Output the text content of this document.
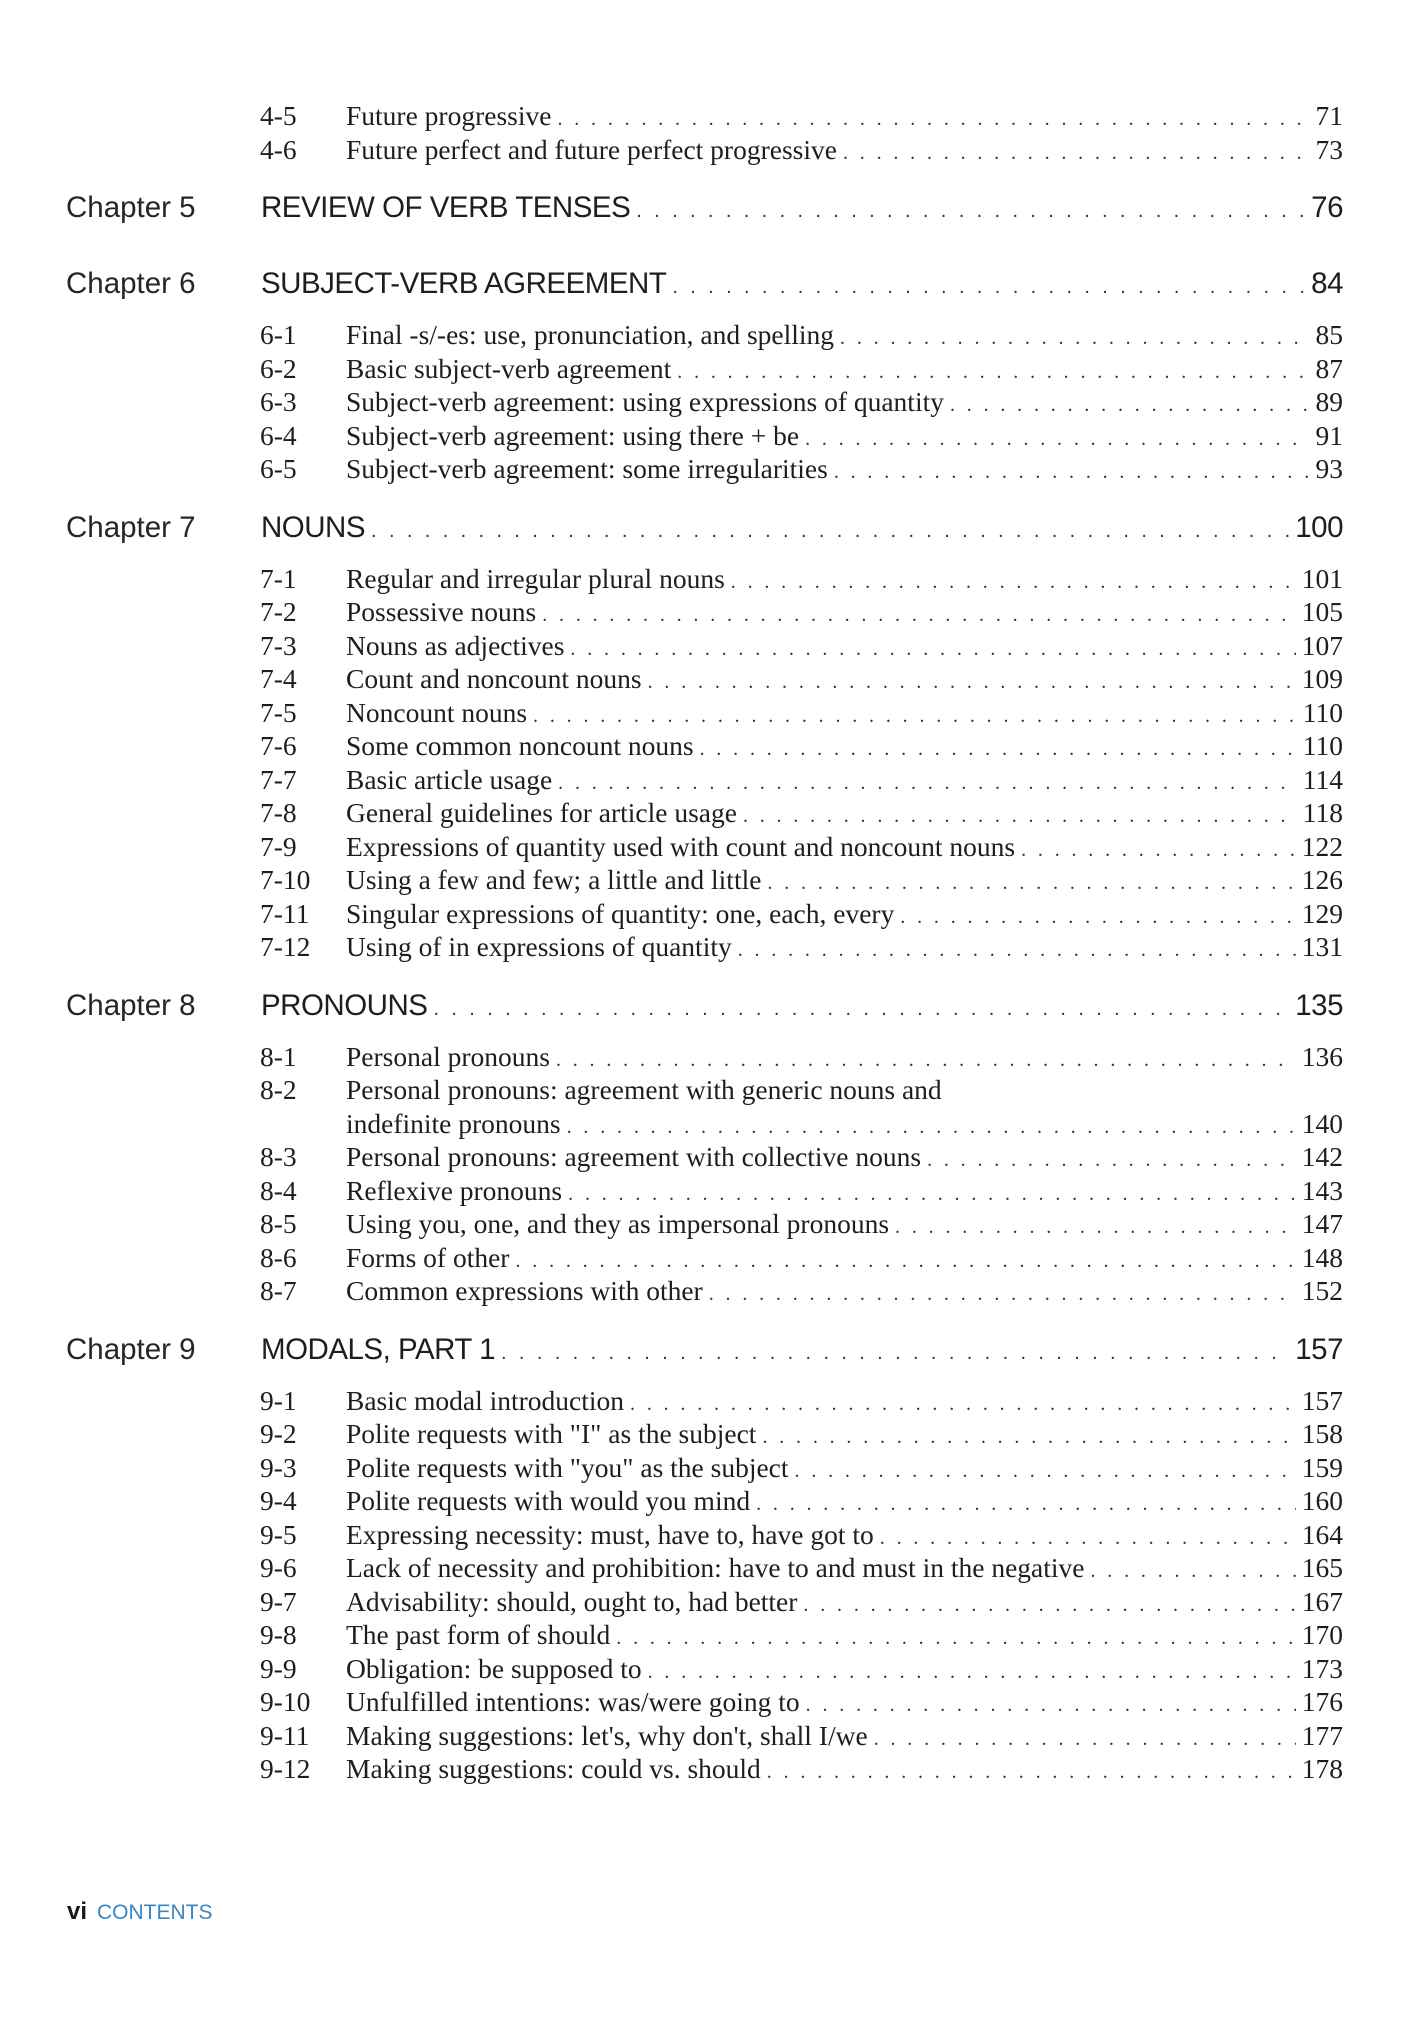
4-5 Future progressive . . .	71
4-6 Future perfect and future perfect progressive . . .	73
Chapter 5 REVIEW OF VERB TENSES . . .	76
Chapter 6 SUBJECT-VERB AGREEMENT . . .	84
6-1 Final -s/-es: use, pronunciation, and spelling . . .	85
6-2 Basic subject-verb agreement . . .	87
6-3 Subject-verb agreement: using expressions of quantity . . .	89
6-4 Subject-verb agreement: using there + be . . .	91
6-5 Subject-verb agreement: some irregularities . . .	93
Chapter 7 NOUNS . . .	100
7-1 Regular and irregular plural nouns . . .	101
7-2 Possessive nouns . . .	105
7-3 Nouns as adjectives . . .	107
7-4 Count and noncount nouns . . .	109
7-5 Noncount nouns . . .	110
7-6 Some common noncount nouns . . .	110
7-7 Basic article usage . . .	114
7-8 General guidelines for article usage . . .	118
7-9 Expressions of quantity used with count and noncount nouns . . .	122
7-10 Using a few and few; a little and little . . .	126
7-11 Singular expressions of quantity: one, each, every . . .	129
7-12 Using of in expressions of quantity . . .	131
Chapter 8 PRONOUNS . . .	135
8-1 Personal pronouns . . .	136
8-2 Personal pronouns: agreement with generic nouns and
indefinite pronouns . . .	140
8-3 Personal pronouns: agreement with collective nouns . . .	142
8-4 Reflexive pronouns . . .	143
8-5 Using you, one, and they as impersonal pronouns . . .	147
8-6 Forms of other . . .	148
8-7 Common expressions with other . . .	152
Chapter 9 MODALS, PART 1 . . .	157
9-1 Basic modal introduction . . .	157
9-2 Polite requests with "I" as the subject . . .	158
9-3 Polite requests with "you" as the subject . . .	159
9-4 Polite requests with would you mind . . .	160
9-5 Expressing necessity: must, have to, have got to . . .	164
9-6 Lack of necessity and prohibition: have to and must in the negative . . .	165
9-7 Advisability: should, ought to, had better . . .	167
9-8 The past form of should . . .	170
9-9 Obligation: be supposed to . . .	173
9-10 Unfulfilled intentions: was/were going to . . .	176
9-11 Making suggestions: let's, why don't, shall I/we . . .	177
9-12 Making suggestions: could vs. should . . .	178
vi CONTENTS
